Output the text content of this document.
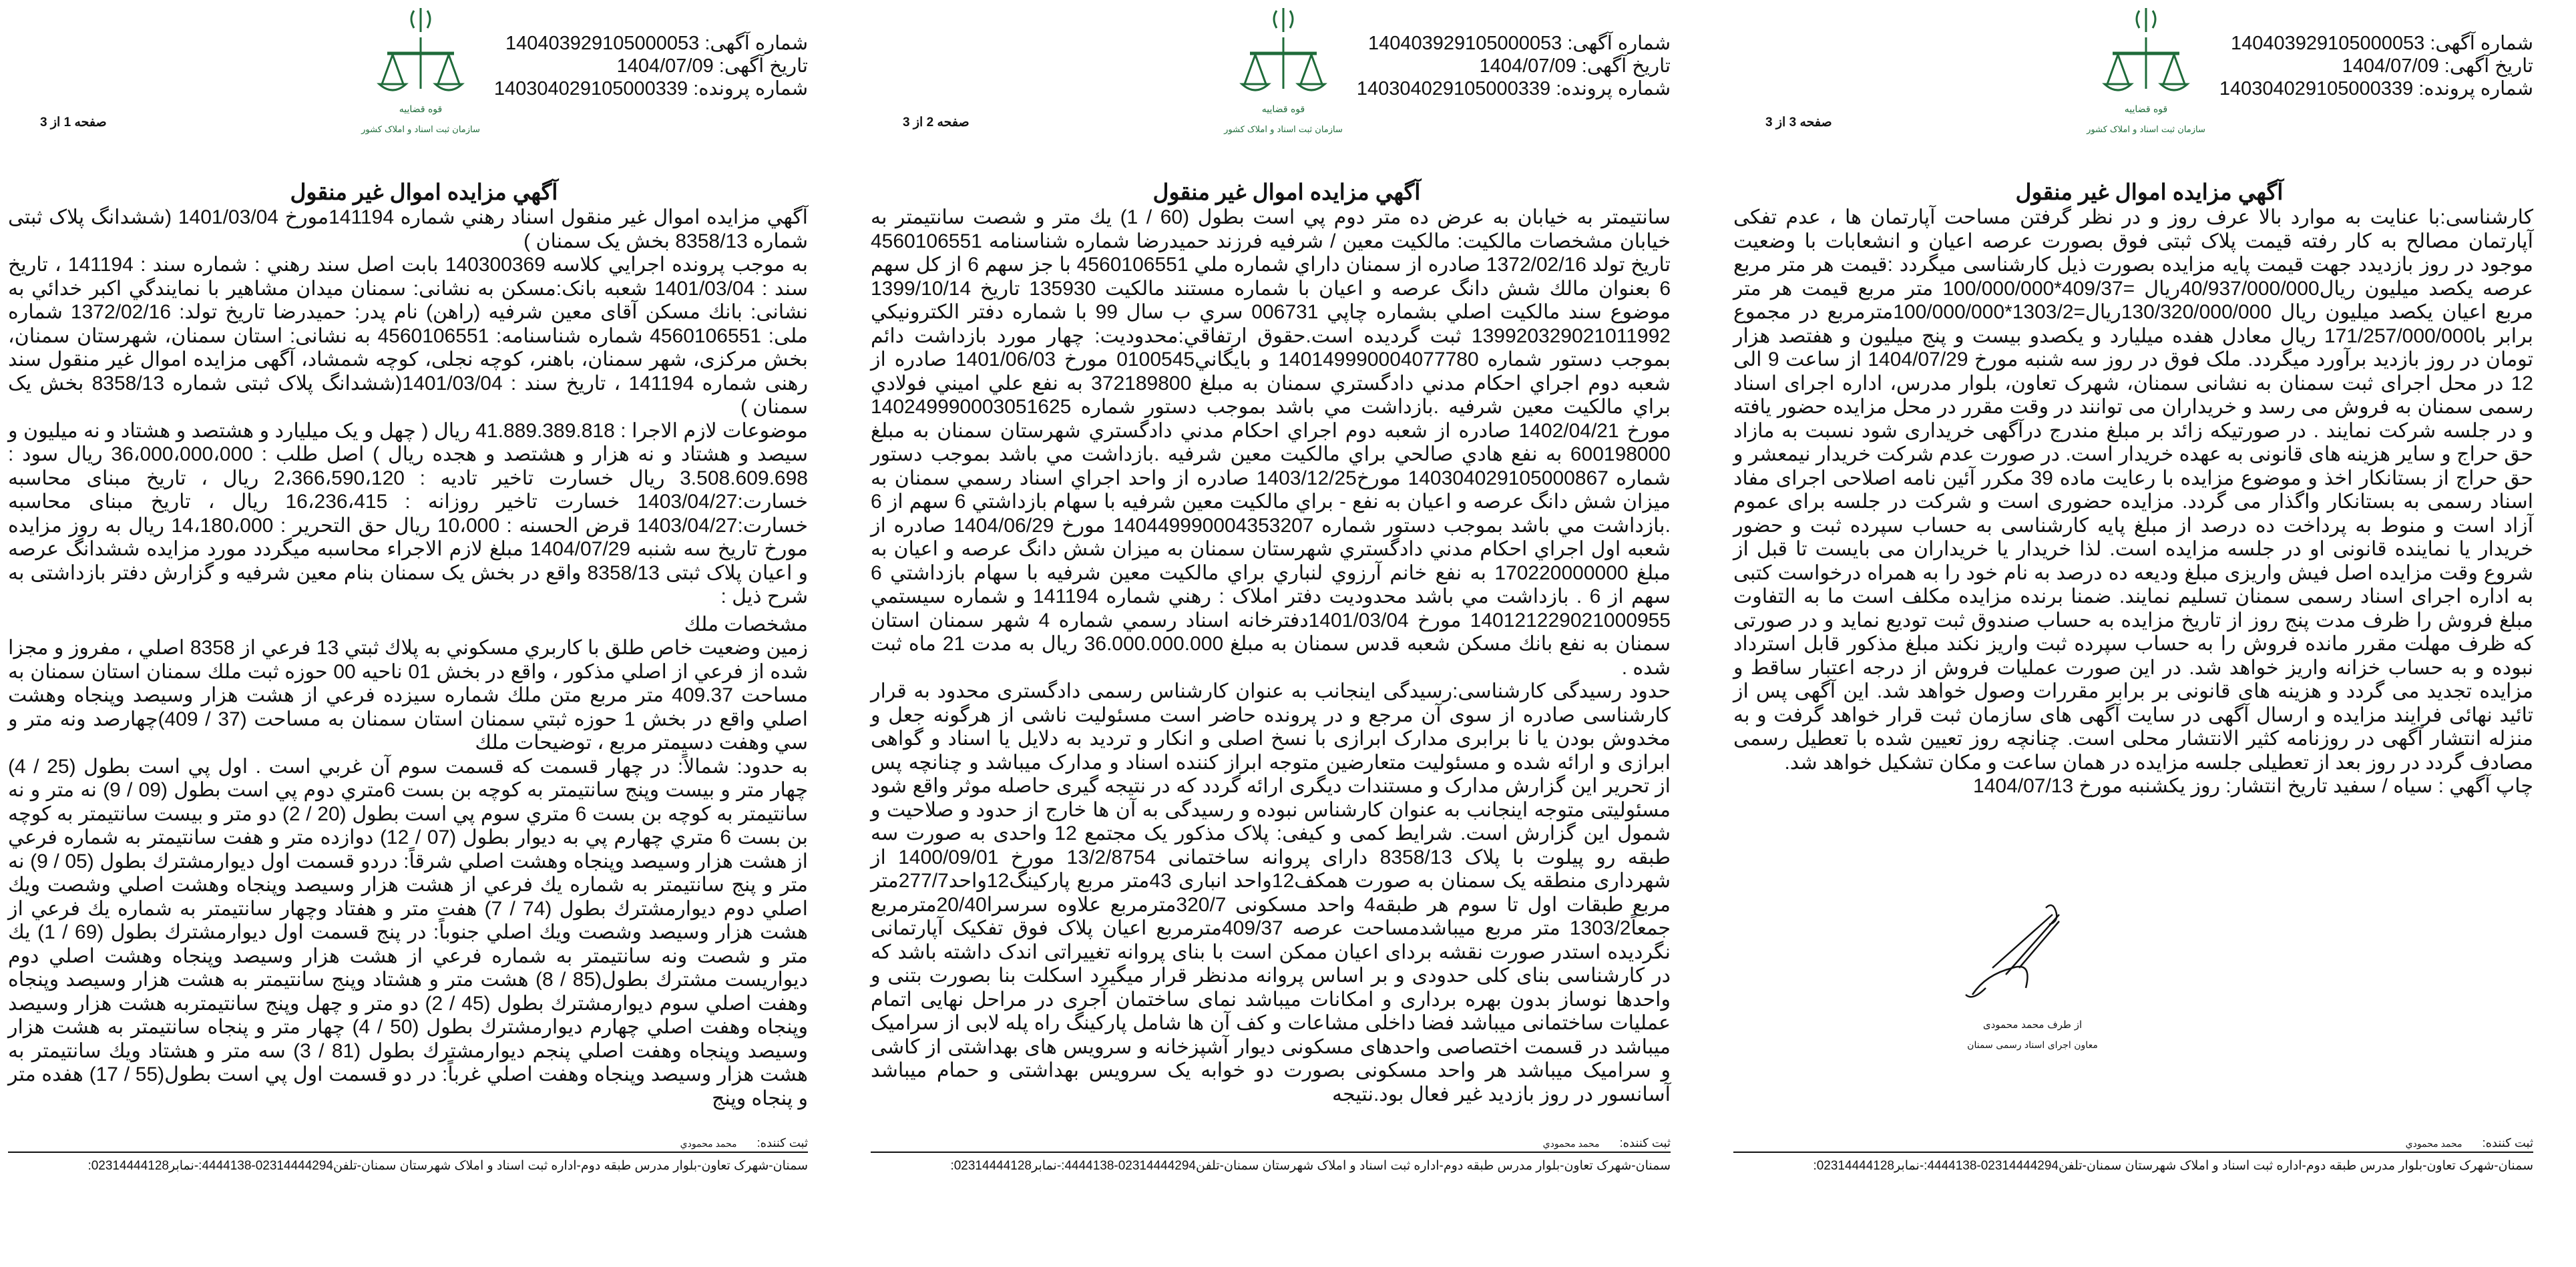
شماره آگهی: 140403929105000053
تاریخ آگهی: 1404/07/09
شماره پرونده: 140304029105000339
قوه قضاییه
سازمان ثبت اسناد و املاک کشور
صفحه 1 از 3
آگهي مزايده اموال غير منقول

آگهي مزايده اموال غير منقول اسناد رهني شماره 141194مورخ 1401/03/04 (ششدانگ پلاک ثبتی شماره 8358/13 بخش يک سمنان )

به موجب پرونده اجرايي كلاسه 140300369 بابت اصل سند رهني : شماره سند : 141194 ، تاريخ سند : 1401/03/04 شعبه بانک:مسکن به نشانی: سمنان ميدان مشاهير با نمايندگي اکبر خدائي به نشانی: بانك مسكن آقای معین شرفيه (راهن) نام پدر: حميدرضا تاريخ تولد: 1372/02/16 شماره ملی: 4560106551 شماره شناسنامه: 4560106551 به نشانی: استان سمنان، شهرستان سمنان، بخش مرکزی، شهر سمنان، باهنر، کوچه نجلی، کوچه شمشاد، آگهی مزايده اموال غير منقول سند رهنی شماره 141194 ، تاريخ سند : 1401/03/04(ششدانگ پلاک ثبتی شماره 8358/13 بخش يک سمنان )

موضوعات لازم الاجرا : 41.889.389.818 ريال ( چهل و يک ميليارد و هشتصد و هشتاد و نه ميليون و سيصد و هشتاد و نه هزار و هشتصد و هجده ريال ) اصل طلب : 36،000،000،000 ريال سود : 3.508.609.698 ريال خسارت تاخير تاديه : 2،366،590،120 ريال ، تاريخ مبنای محاسبه خسارت:1403/04/27 خسارت تاخير روزانه : 16،236،415 ريال ، تاريخ مبنای محاسبه خسارت:1403/04/27 قرض الحسنه : 10،000 ريال حق التحرير : 14،180،000 ريال به روز مزايده مورخ تاريخ سه شنبه 1404/07/29 مبلغ لازم الاجراء محاسبه ميگردد مورد مزايده ششدانگ عرصه و اعيان پلاک ثبتی 8358/13 واقع در بخش يک سمنان بنام معين شرفيه و گزارش دفتر بازداشتی به شرح ذيل :

مشخصات ملك

زمين وضعيت خاص طلق با كاربري مسكوني به پلاك ثبتي 13 فرعي از 8358 اصلي ، مفروز و مجزا شده از فرعي از اصلي مذكور ، واقع در بخش 01 ناحيه 00 حوزه ثبت ملك سمنان استان سمنان به مساحت 409.37 متر مربع متن ملك شماره سيزده فرعي از هشت هزار وسيصد وپنجاه وهشت اصلي واقع در بخش 1 حوزه ثبتي سمنان استان سمنان به مساحت (37 / 409)چهارصد ونه متر و سي وهفت دسيمتر مربع ، توضيحات ملك

به حدود: شمالاً: در چهار قسمت كه قسمت سوم آن غربي است . اول پي است بطول (25 / 4) چهار متر و بيست وپنج سانتيمتر به كوچه بن بست 6متري دوم پي است بطول (09 / 9) نه متر و نه سانتيمتر به كوچه بن بست 6 متري سوم پي است بطول (20 / 2) دو متر و بيست سانتيمتر به كوچه بن بست 6 متري چهارم پي به ديوار بطول (07 / 12) دوازده متر و هفت سانتيمتر به شماره فرعي از هشت هزار وسيصد وپنجاه وهشت اصلي شرقاً: دردو قسمت اول ديوارمشترك بطول (05 / 9) نه متر و پنج سانتيمتر به شماره يك فرعي از هشت هزار وسيصد وپنجاه وهشت اصلي وشصت ويك اصلي دوم ديوارمشترك بطول (74 / 7) هفت متر و هفتاد وچهار سانتيمتر به شماره يك فرعي از هشت هزار وسيصد وشصت ويك اصلي جنوباً: در پنج قسمت اول ديوارمشترك بطول (69 / 1) يك متر و شصت ونه سانتيمتر به شماره فرعي از هشت هزار وسيصد وپنجاه وهشت اصلي دوم ديواريست مشترك بطول(85 / 8) هشت متر و هشتاد وپنج سانتيمتر به هشت هزار وسيصد وپنجاه وهفت اصلي سوم ديوارمشترك بطول (45 / 2) دو متر و چهل وپنج سانتيمتربه هشت هزار وسيصد وپنجاه وهفت اصلي چهارم ديوارمشترك بطول (50 / 4) چهار متر و پنجاه سانتيمتر به هشت هزار وسيصد وپنجاه وهفت اصلي پنجم ديوارمشترك بطول (81 / 3) سه متر و هشتاد ويك سانتيمتر به هشت هزار وسيصد وپنجاه وهفت اصلي غرباً: در دو قسمت اول پي است بطول(55 / 17) هفده متر و پنجاه وپنج

ثبت کننده:محمد محمودي
سمنان-شهرک تعاون-بلوار مدرس طبقه دوم-اداره ثبت اسناد و املاک شهرستان سمنان-تلفن02314444294-4444138:-نمابر02314444128:
شماره آگهی: 140403929105000053
تاریخ آگهی: 1404/07/09
شماره پرونده: 140304029105000339
قوه قضاییه
سازمان ثبت اسناد و املاک کشور
صفحه 2 از 3
آگهي مزايده اموال غير منقول

سانتيمتر به خيابان به عرض ده متر دوم پي است بطول (60 / 1) يك متر و شصت سانتيمتر به خيابان مشخصات مالكيت: مالكيت معين / شرفيه فرزند حميدرضا شماره شناسنامه 4560106551 تاريخ تولد 1372/02/16 صادره از سمنان داراي شماره ملي 4560106551 با جز سهم 6 از كل سهم 6 بعنوان مالك شش دانگ عرصه و اعيان با شماره مستند مالكيت 135930 تاريخ 1399/10/14 موضوع سند مالكيت اصلي بشماره چاپي 006731 سري ب سال 99 با شماره دفتر الكترونيكي 139920329021011992 ثبت گرديده است.حقوق ارتفاقي:محدوديت: چهار مورد بازداشت دائم بموجب دستور شماره 140149990004077780 و بايگاني0100545 مورخ 1401/06/03 صادره از شعبه دوم اجراي احكام مدني دادگستري سمنان به مبلغ 372189800 به نفع علي اميني فولادي براي مالكيت معين شرفيه .بازداشت مي باشد بموجب دستور شماره 140249990003051625 مورخ 1402/04/21 صادره از شعبه دوم اجراي احكام مدني دادگستري شهرستان سمنان به مبلغ 600198000 به نفع هادي صالحي براي مالكيت معين شرفيه .بازداشت مي باشد بموجب دستور شماره 140304029105000867 مورخ1403/12/25 صادره از واحد اجراي اسناد رسمي سمنان به ميزان شش دانگ عرصه و اعيان به نفع - براي مالكيت معين شرفيه با سهام بازداشتي 6 سهم از 6 .بازداشت مي باشد بموجب دستور شماره 140449990004353207 مورخ 1404/06/29 صادره از شعبه اول اجراي احكام مدني دادگستري شهرستان سمنان به ميزان شش دانگ عرصه و اعيان به مبلغ 170220000000 به نفع خانم آرزوي لنباري براي مالكيت معين شرفيه با سهام بازداشتي 6 سهم از 6 . بازداشت مي باشد محدوديت دفتر املاک : رهني شماره 141194 و شماره سيستمي 140121229021000955 مورخ 1401/03/04دفترخانه اسناد رسمي شماره 4 شهر سمنان استان سمنان به نفع بانك مسكن شعبه قدس سمنان به مبلغ 36.000.000.000 ريال به مدت 21 ماه ثبت شده .

حدود رسيدگی کارشناسی:رسيدگی اينجانب به عنوان کارشناس رسمی دادگستری محدود به قرار کارشناسی صادره از سوی آن مرجع و در پرونده حاضر است مسئوليت ناشی از هرگونه جعل و مخدوش بودن يا نا برابری مدارک ابرازی با نسخ اصلی و انکار و ترديد به دلايل يا اسناد و گواهی ابرازی و ارائه شده و مسئوليت متعارضين متوجه ابراز کننده اسناد و مدارک ميباشد و چنانچه پس از تحرير اين گزارش مدارک و مستندات ديگری ارائه گردد که در نتيجه گيری حاصله موثر واقع شود مسئوليتی متوجه اينجانب به عنوان کارشناس نبوده و رسيدگی به آن ها خارج از حدود و صلاحيت و شمول اين گزارش است. شرايط کمی و کيفی: پلاک مذکور يک مجتمع 12 واحدی به صورت سه طبقه رو پيلوت با پلاک 8358/13 دارای پروانه ساختمانی 13/2/8754 مورخ 1400/09/01 از شهرداری منطقه يک سمنان به صورت همکف12واحد انباری 43متر مربع پارکينگ12واحد277/7متر مربع طبقات اول تا سوم هر طبقه4 واحد مسکونی 320/7مترمربع علاوه سرسرا20/40مترمربع جمعاً1303/2 متر مربع ميباشدمساحت عرصه 409/37مترمربع اعيان پلاک فوق تفکيک آپارتمانی نگرديده استدر صورت نقشه بردای اعيان ممکن است با بنای پروانه تغييراتی اندک داشته باشد که در کارشناسی بنای کلی حدودی و بر اساس پروانه مدنظر قرار ميگيرد اسکلت بنا بصورت بتنی و واحدها نوساز بدون بهره برداری و امکانات ميباشد نمای ساختمان آجری در مراحل نهايی اتمام عمليات ساختمانی ميباشد فضا داخلی مشاعات و کف آن ها شامل پارکينگ راه پله لابی از سراميک ميباشد در قسمت اختصاصی واحدهای مسکونی ديوار آشپزخانه و سرويس های بهداشتی از کاشی و سراميک ميباشد هر واحد مسکونی بصورت دو خوابه يک سرويس بهداشتی و حمام ميباشد آسانسور در روز بازديد غير فعال بود.نتيجه

ثبت کننده:محمد محمودي
سمنان-شهرک تعاون-بلوار مدرس طبقه دوم-اداره ثبت اسناد و املاک شهرستان سمنان-تلفن02314444294-4444138:-نمابر02314444128:
شماره آگهی: 140403929105000053
تاریخ آگهی: 1404/07/09
شماره پرونده: 140304029105000339
قوه قضاییه
سازمان ثبت اسناد و املاک کشور
صفحه 3 از 3
آگهي مزايده اموال غير منقول

کارشناسی:با عنايت به موارد بالا عرف روز و در نظر گرفتن مساحت آپارتمان ها ، عدم تفکی آپارتمان مصالح به کار رفته قيمت پلاک ثبتی فوق بصورت عرصه اعيان و انشعابات با وضعيت موجود در روز بازديدد جهت قيمت پايه مزايده بصورت ذيل کارشناسی ميگردد :قيمت هر متر مربع عرصه يکصد ميليون ريال40/937/000/000ريال =409/37*100/000/000 متر مربع قيمت هر متر مربع اعيان يکصد ميليون ريال 130/320/000/000ريال=1303/2*100/000/000مترمربع در مجموع برابر با171/257/000/000 ريال معادل هفده ميليارد و يکصدو بيست و پنج ميليون و هفتصد هزار تومان در روز بازديد برآورد ميگردد. ملک فوق در روز سه شنبه مورخ 1404/07/29 از ساعت 9 الی 12 در محل اجرای ثبت سمنان به نشانی سمنان، شهرک تعاون، بلوار مدرس، اداره اجرای اسناد رسمی سمنان به فروش می رسد و خريداران می توانند در وقت مقرر در محل مزايده حضور يافته و در جلسه شرکت نمايند . در صورتيکه زائد بر مبلغ مندرج درآگهی خريداری شود نسبت به مازاد حق حراج و ساير هزينه های قانونی به عهده خريدار است. در صورت عدم شرکت خريدار نيمعشر و حق حراج از بستانکار اخذ و موضوع مزايده با رعايت ماده 39 مکرر آئين نامه اصلاحی اجرای مفاد اسناد رسمی به بستانکار واگذار می گردد. مزايده حضوری است و شرکت در جلسه برای عموم آزاد است و منوط به پرداخت ده درصد از مبلغ پايه کارشناسی به حساب سپرده ثبت و حضور خريدار يا نماينده قانونی او در جلسه مزايده است. لذا خريدار يا خريداران می بايست تا قبل از شروع وقت مزايده اصل فيش واريزی مبلغ وديعه ده درصد به نام خود را به همراه درخواست کتبی به اداره اجرای اسناد رسمی سمنان تسليم نمايند. ضمنا برنده مزايده مکلف است ما به التفاوت مبلغ فروش را ظرف مدت پنج روز از تاريخ مزايده به حساب صندوق ثبت توديع نمايد و در صورتی که ظرف مهلت مقرر مانده فروش را به حساب سپرده ثبت واريز نکند مبلغ مذکور قابل استرداد نبوده و به حساب خزانه واريز خواهد شد. در اين صورت عمليات فروش از درجه اعتبار ساقط و مزايده تجديد می گردد و هزينه های قانونی بر برابر مقررات وصول خواهد شد. اين آگهی پس از تائيد نهائی فرايند مزايده و ارسال آگهی در سايت آگهی های سازمان ثبت قرار خواهد گرفت و به منزله انتشار آگهی در روزنامه کثير الانتشار محلی است. چنانچه روز تعيين شده با تعطيل رسمی مصادف گردد در روز بعد از تعطيلی جلسه مزايده در همان ساعت و مکان تشکيل خواهد شد.

چاپ آگهي : سياه / سفيد تاريخ انتشار: روز يکشنبه مورخ 1404/07/13

از طرف محمد محمودی
معاون اجرای اسناد رسمی سمنان
ثبت کننده:محمد محمودي
سمنان-شهرک تعاون-بلوار مدرس طبقه دوم-اداره ثبت اسناد و املاک شهرستان سمنان-تلفن02314444294-4444138:-نمابر02314444128:
